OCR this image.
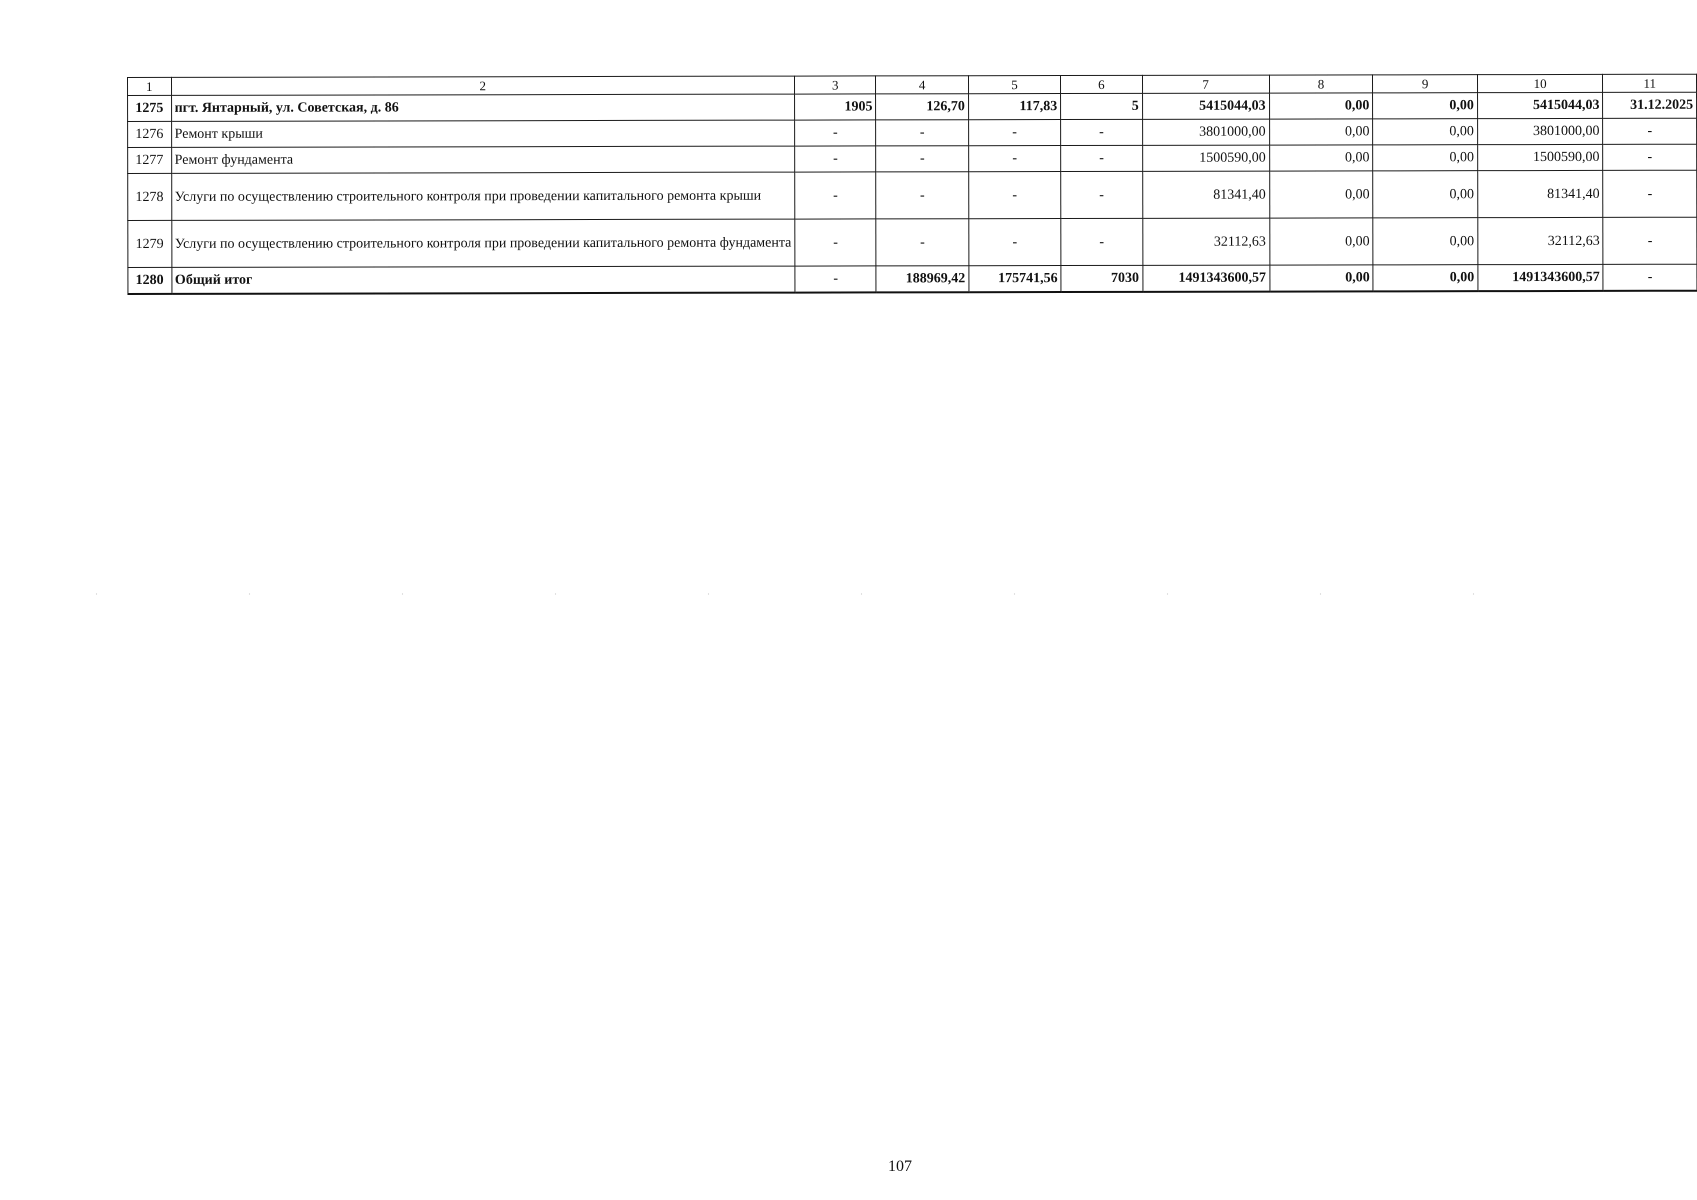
1	2	3	4	5	6	7	8	9	10	11
1275	пгт. Янтарный, ул. Советская, д. 86	1905	126,70	117,83	5	5415044,03	0,00	0,00	5415044,03	31.12.2025
1276	Ремонт крыши	-	-	-	-	3801000,00	0,00	0,00	3801000,00	-
1277	Ремонт фундамента	-	-	-	-	1500590,00	0,00	0,00	1500590,00	-
1278	Услуги по осуществлению строительного контроля при проведении капитального ремонта крыши	-	-	-	-	81341,40	0,00	0,00	81341,40	-
1279	Услуги по осуществлению строительного контроля при проведении капитального ремонта фундамента	-	-	-	-	32112,63	0,00	0,00	32112,63	-
1280	Общий итог	-	188969,42	175741,56	7030	1491343600,57	0,00	0,00	1491343600,57	-
107
